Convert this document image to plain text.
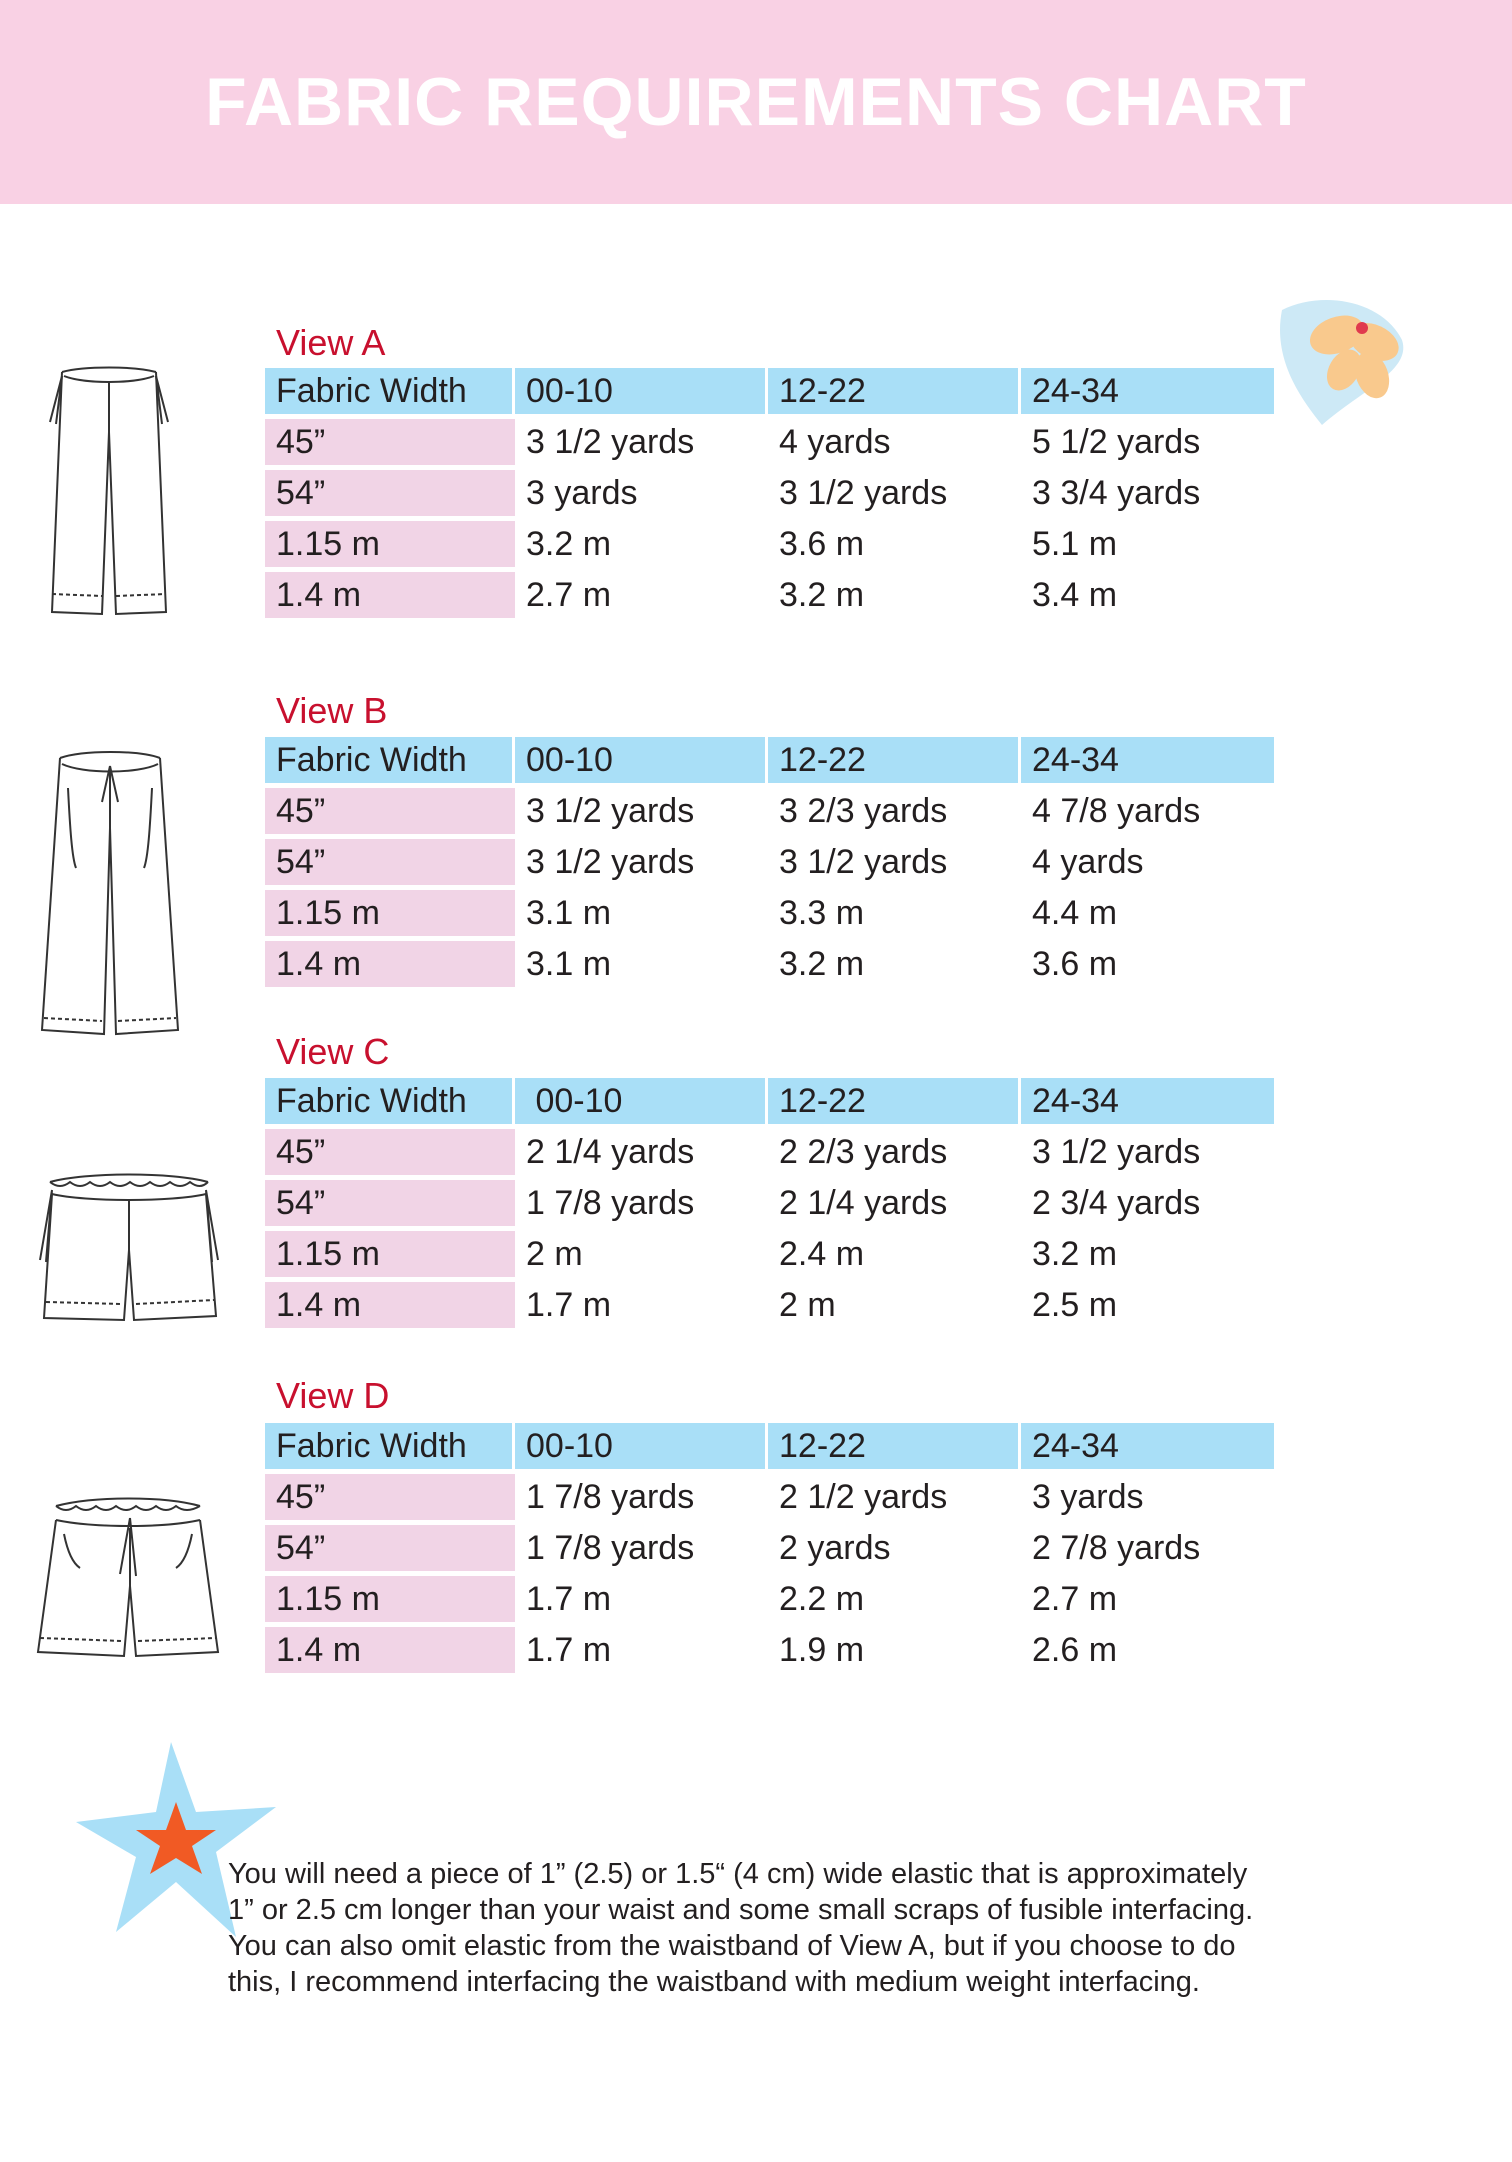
FABRIC REQUIREMENTS CHART
View A
Fabric Width	00-10	12-22	24-34
45”	3 1/2 yards	4 yards	5 1/2 yards
54”	3 yards	3 1/2 yards	3 3/4 yards
1.15 m	3.2 m	3.6 m	5.1 m
1.4 m	2.7 m	3.2 m	3.4 m
View B
Fabric Width	00-10	12-22	24-34
45”	3 1/2 yards	3 2/3 yards	4 7/8 yards
54”	3 1/2 yards	3 1/2 yards	4 yards
1.15 m	3.1 m	3.3 m	4.4 m
1.4 m	3.1 m	3.2 m	3.6 m
View C
Fabric Width	00-10	12-22	24-34
45”	2 1/4 yards	2 2/3 yards	3 1/2 yards
54”	1 7/8 yards	2 1/4 yards	2 3/4 yards
1.15 m	2 m	2.4 m	3.2 m
1.4 m	1.7 m	2 m	2.5 m
View D
Fabric Width	00-10	12-22	24-34
45”	1 7/8 yards	2 1/2 yards	3 yards
54”	1 7/8 yards	2 yards	2 7/8 yards
1.15 m	1.7 m	2.2 m	2.7 m
1.4 m	1.7 m	1.9 m	2.6 m

You will need a piece of 1” (2.5) or 1.5“ (4 cm) wide elastic that is approximately

1” or 2.5 cm longer than your waist and some small scraps of fusible interfacing.

You can also omit elastic from the waistband of View A, but if you choose to do

this, I recommend interfacing the waistband with medium weight interfacing.
